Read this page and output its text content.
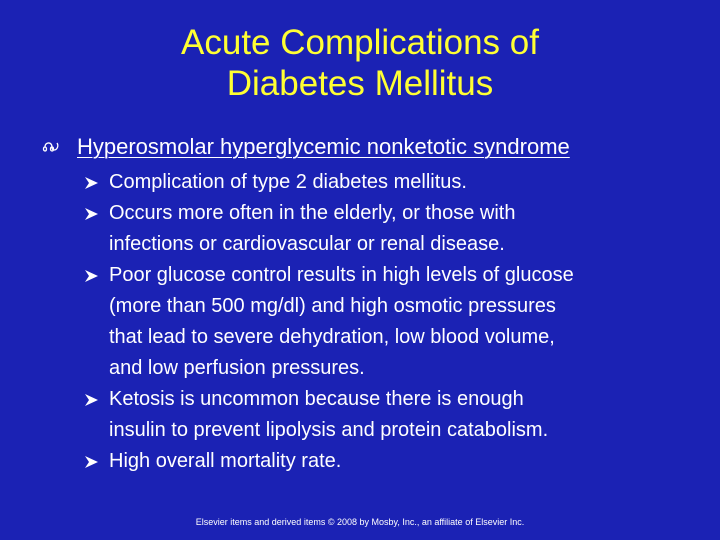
Acute Complications of
Diabetes Mellitus
Hyperosmolar hyperglycemic nonketotic syndrome
Complication of type 2 diabetes mellitus.
Occurs more often in the elderly, or those with
infections or cardiovascular or renal disease.
Poor glucose control results in high levels of glucose
(more than 500 mg/dl) and high osmotic pressures
that lead to severe dehydration, low blood volume,
and low perfusion pressures.
Ketosis is uncommon because there is enough
insulin to prevent lipolysis and protein catabolism.
High overall mortality rate.
Elsevier items and derived items © 2008 by Mosby, Inc., an affiliate of Elsevier Inc.
